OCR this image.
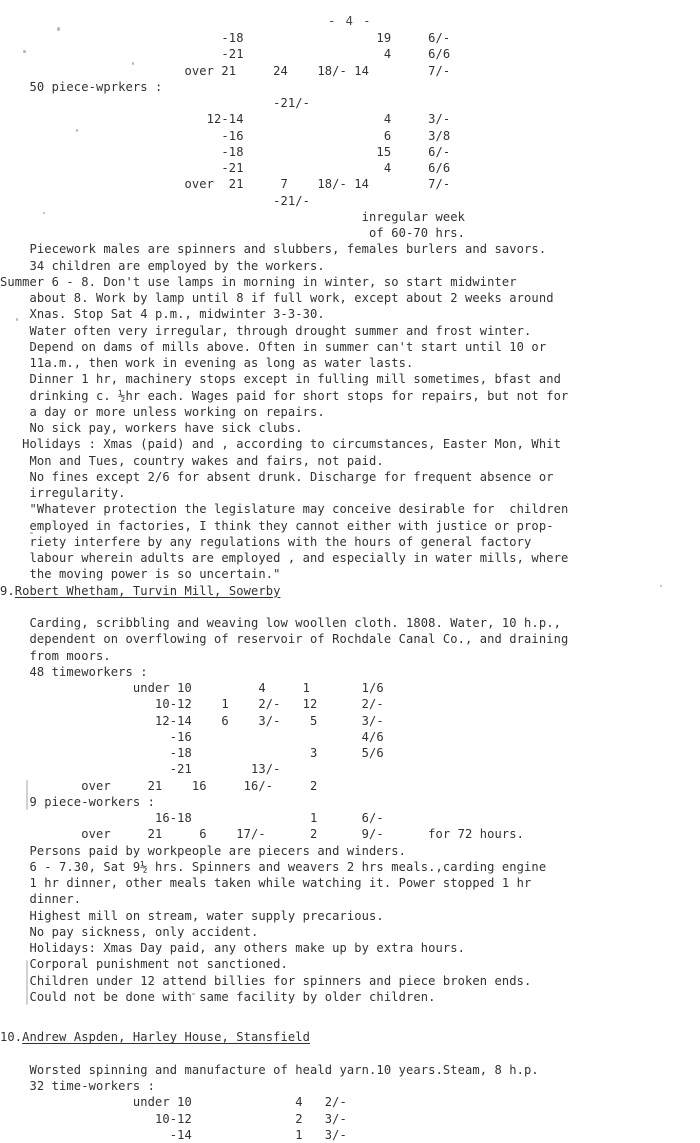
- 4 -
-18                  19     6/-
-21                   4     6/6
over 21     24    18/- 14        7/-
50 piece-wprkers :
-21/-
12-14                   4     3/-
-16                   6     3/8
-18                  15     6/-
-21                   4     6/6
over  21     7    18/- 14        7/-
-21/-
inregular week
of 60-70 hrs.
Piecework males are spinners and slubbers, females burlers and savors.
34 children are employed by the workers.
Summer 6 - 8. Don't use lamps in morning in winter, so start midwinter
about 8. Work by lamp until 8 if full work, except about 2 weeks around
Xnas. Stop Sat 4 p.m., midwinter 3-3-30.
Water often very irregular, through drought summer and frost winter.
Depend on dams of mills above. Often in summer can't start until 10 or
11a.m., then work in evening as long as water lasts.
Dinner 1 hr, machinery stops except in fulling mill sometimes, bfast and
drinking c. ½hr each. Wages paid for short stops for repairs, but not for
a day or more unless working on repairs.
No sick pay, workers have sick clubs.
Holidays : Xmas (paid) and , according to circumstances, Easter Mon, Whit
Mon and Tues, country wakes and fairs, not paid.
No fines except 2/6 for absent drunk. Discharge for frequent absence or
irregularity.
"Whatever protection the legislature may conceive desirable for  children
employed in factories, I think they cannot either with justice or prop-
riety interfere by any regulations with the hours of general factory
labour wherein adults are employed , and especially in water mills, where
the moving power is so uncertain."
9.Robert Whetham, Turvin Mill, Sowerby
Carding, scribbling and weaving low woollen cloth. 1808. Water, 10 h.p.,
dependent on overflowing of reservoir of Rochdale Canal Co., and draining
from moors.
48 timeworkers :
under 10         4     1       1/6
10-12    1    2/-   12      2/-
12-14    6    3/-    5      3/-
-16                       4/6
-18                3      5/6
-21        13/-
over     21    16     16/-     2
9 piece-workers :
16-18                1      6/-
over     21     6    17/-      2      9/-      for 72 hours.
Persons paid by workpeople are piecers and winders.
6 - 7.30, Sat 9½ hrs. Spinners and weavers 2 hrs meals.,carding engine
1 hr dinner, other meals taken while watching it. Power stopped 1 hr
dinner.
Highest mill on stream, water supply precarious.
No pay sickness, only accident.
Holidays: Xmas Day paid, any others make up by extra hours.
Corporal punishment not sanctioned.
Children under 12 attend billies for spinners and piece broken ends.
Could not be done with same facility by older children.
10.Andrew Aspden, Harley House, Stansfield
Worsted spinning and manufacture of heald yarn.10 years.Steam, 8 h.p.
32 time-workers :
under 10              4   2/-
10-12              2   3/-
-14              1   3/-
